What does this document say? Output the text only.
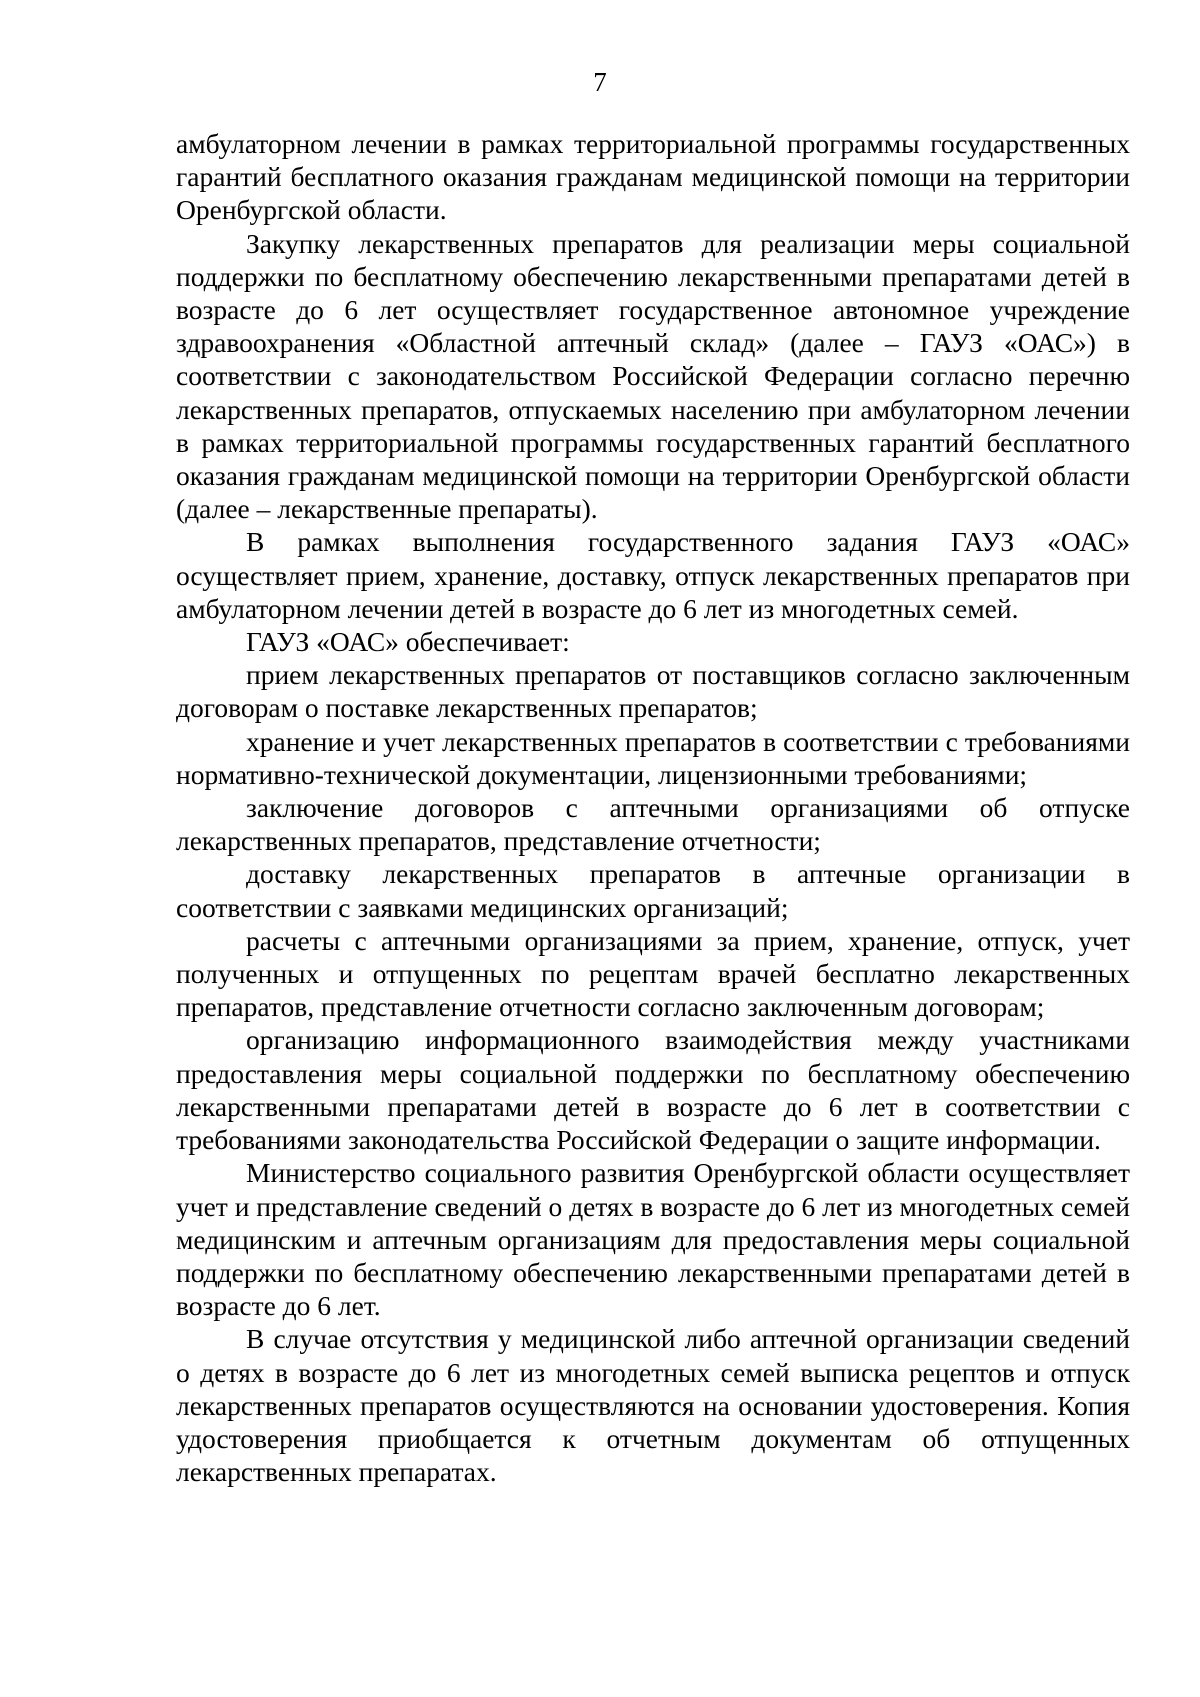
7

амбулаторном лечении в рамках территориальной программы государственных гарантий бесплатного оказания гражданам медицинской помощи на территории Оренбургской области.

Закупку лекарственных препаратов для реализации меры социальной поддержки по бесплатному обеспечению лекарственными препаратами детей в возрасте до 6 лет осуществляет государственное автономное учреждение здравоохранения «Областной аптечный склад» (далее – ГАУЗ «ОАС») в соответствии с законодательством Российской Федерации согласно перечню лекарственных препаратов, отпускаемых населению при амбулаторном лечении в рамках территориальной программы государственных гарантий бесплатного оказания гражданам медицинской помощи на территории Оренбургской области (далее – лекарственные препараты).

В рамках выполнения государственного задания ГАУЗ «ОАС» осуществляет прием, хранение, доставку, отпуск лекарственных препаратов при амбулаторном лечении детей в возрасте до 6 лет из многодетных семей.

ГАУЗ «ОАС» обеспечивает:

прием лекарственных препаратов от поставщиков согласно заключенным договорам о поставке лекарственных препаратов;

хранение и учет лекарственных препаратов в соответствии с требованиями нормативно-технической документации, лицензионными требованиями;

заключение договоров с аптечными организациями об отпуске лекарственных препаратов, представление отчетности;

доставку лекарственных препаратов в аптечные организации в соответствии с заявками медицинских организаций;

расчеты с аптечными организациями за прием, хранение, отпуск, учет полученных и отпущенных по рецептам врачей бесплатно лекарственных препаратов, представление отчетности согласно заключенным договорам;

организацию информационного взаимодействия между участниками предоставления меры социальной поддержки по бесплатному обеспечению лекарственными препаратами детей в возрасте до 6 лет в соответствии с требованиями законодательства Российской Федерации о защите информации.

Министерство социального развития Оренбургской области осуществляет учет и представление сведений о детях в возрасте до 6 лет из многодетных семей медицинским и аптечным организациям для предоставления меры социальной поддержки по бесплатному обеспечению лекарственными препаратами детей в возрасте до 6 лет.

В случае отсутствия у медицинской либо аптечной организации сведений о детях в возрасте до 6 лет из многодетных семей выписка рецептов и отпуск лекарственных препаратов осуществляются на основании удостоверения. Копия удостоверения приобщается к отчетным документам об отпущенных лекарственных препаратах.
